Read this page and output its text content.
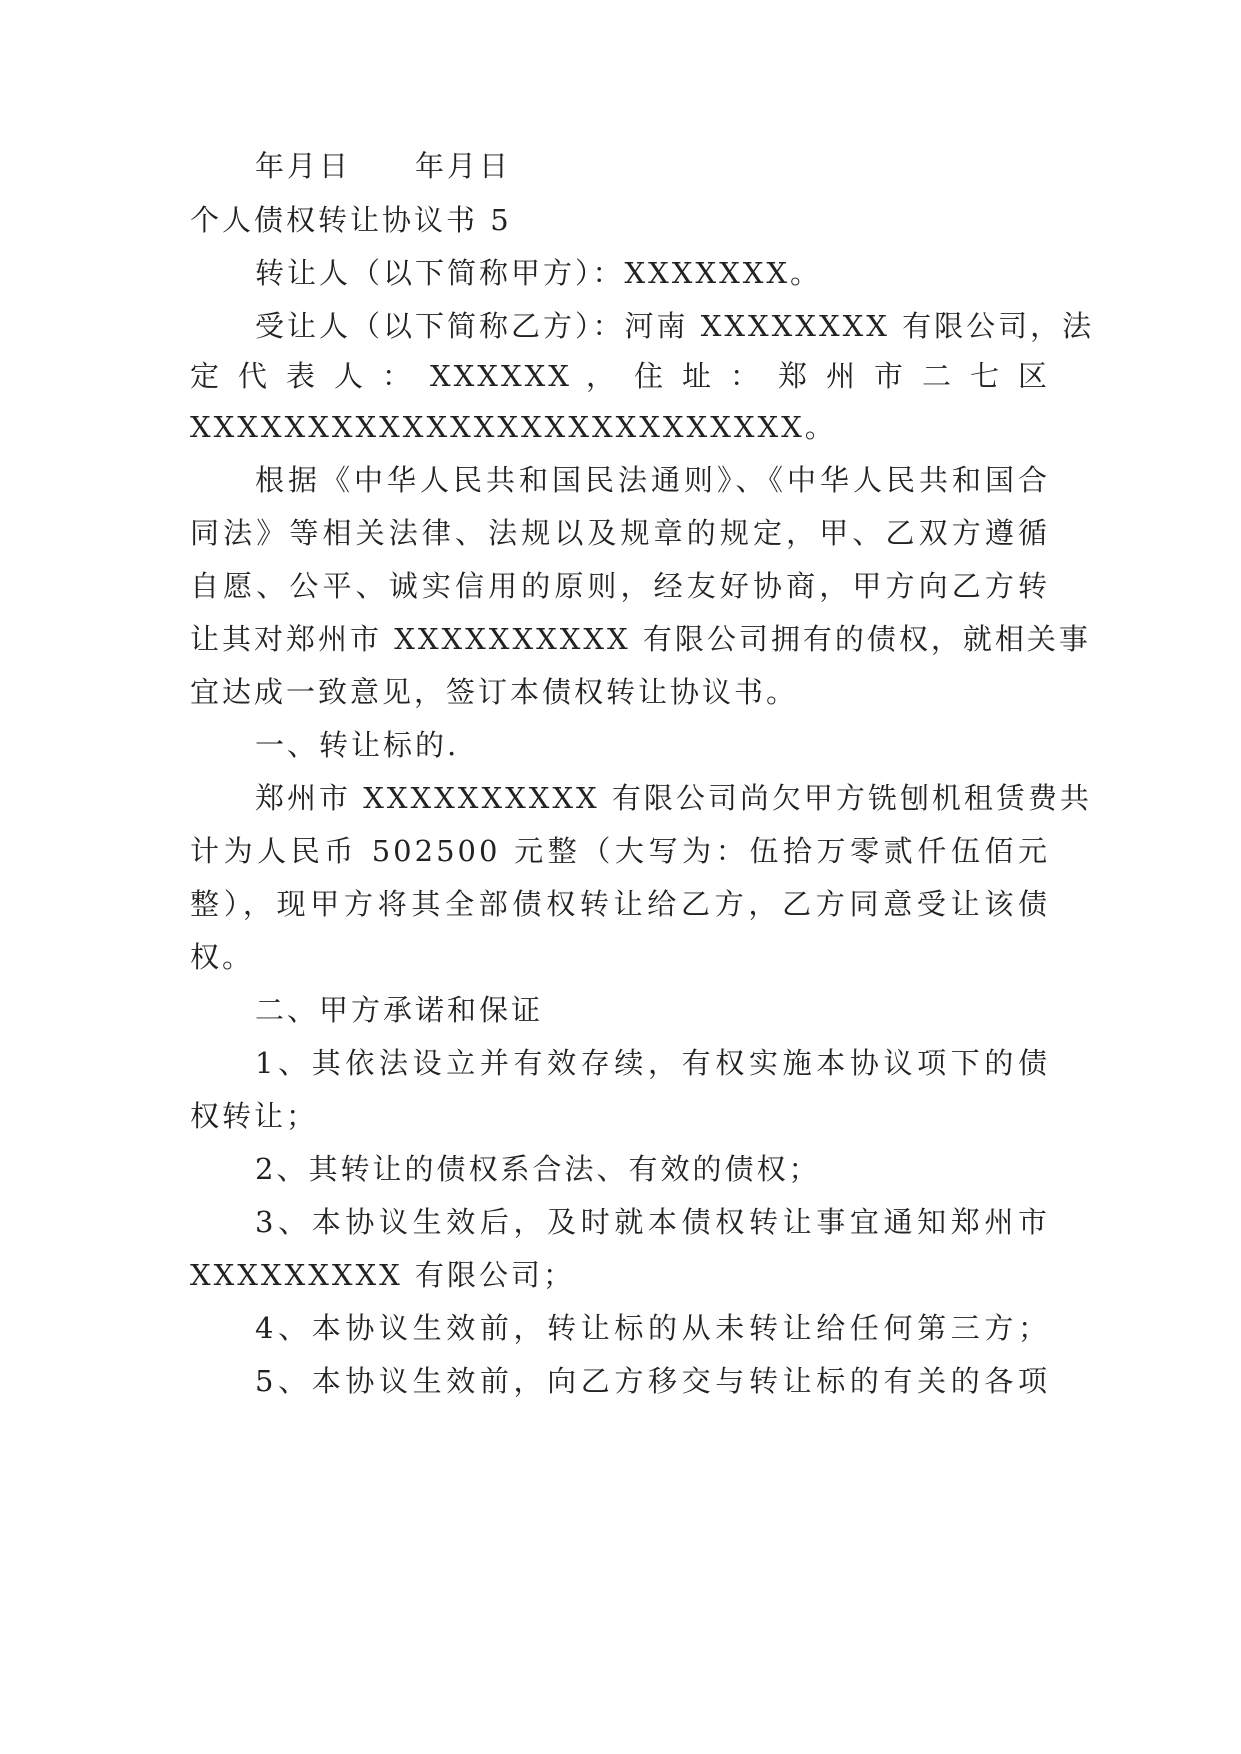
年月日　　年月日
个人债权转让协议书 5
转让人（以下简称甲方）：XXXXXXX。
受让人（以下简称乙方）：河南 XXXXXXXX 有限公司，法
定 代 表 人 ： XXXXXX ， 住 址 ： 郑 州 市 二 七 区
XXXXXXXXXXXXXXXXXXXXXXXXXX。
根据《中华人民共和国民法通则》、《中华人民共和国合
同法》等相关法律、法规以及规章的规定，甲、乙双方遵循
自愿、公平、诚实信用的原则，经友好协商，甲方向乙方转
让其对郑州市 XXXXXXXXXX 有限公司拥有的债权，就相关事
宜达成一致意见，签订本债权转让协议书。
一、转让标的.
郑州市 XXXXXXXXXX 有限公司尚欠甲方铣刨机租赁费共
计为人民币 502500 元整（大写为：伍拾万零贰仟伍佰元
整），现甲方将其全部债权转让给乙方，乙方同意受让该债
权。
二、甲方承诺和保证
1、其依法设立并有效存续，有权实施本协议项下的债
权转让；
2、其转让的债权系合法、有效的债权；
3、本协议生效后，及时就本债权转让事宜通知郑州市
XXXXXXXXX 有限公司；
4、本协议生效前，转让标的从未转让给任何第三方；
5、本协议生效前，向乙方移交与转让标的有关的各项
